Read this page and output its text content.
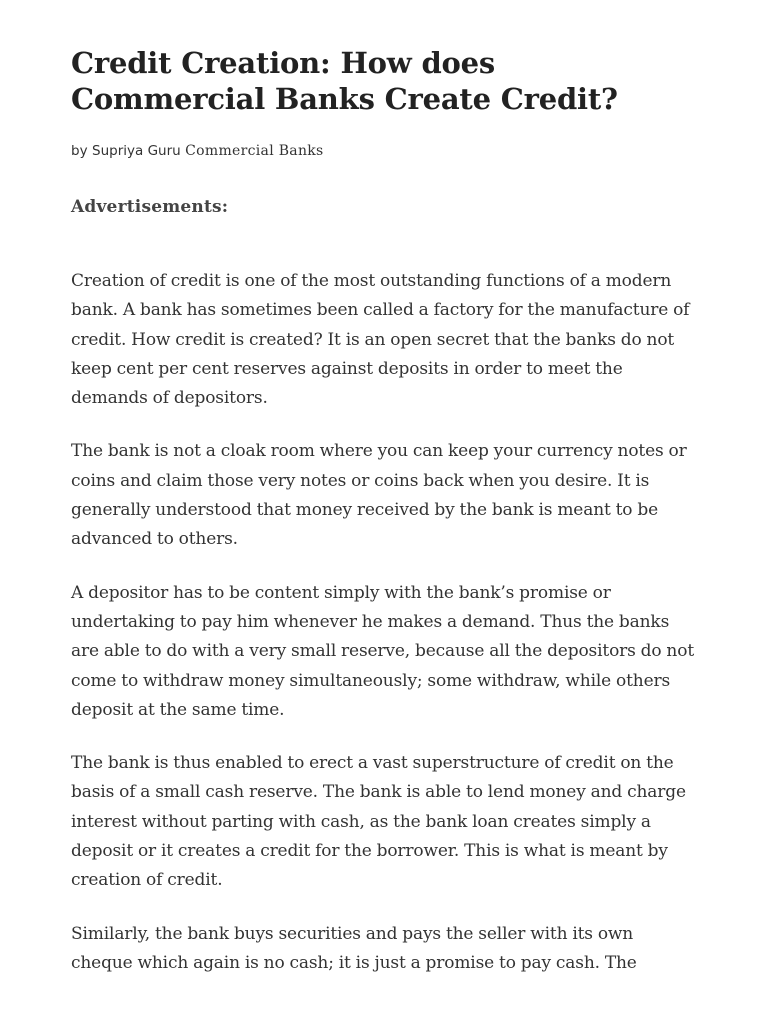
Credit Creation: How does Commercial Banks Create Credit?
by Supriya Guru Commercial Banks
Advertisements:

Creation of credit is one of the most outstanding functions of a modern bank. A bank has sometimes been called a factory for the manufacture of credit. How credit is created? It is an open secret that the banks do not keep cent per cent reserves against deposits in order to meet the demands of depositors.

The bank is not a cloak room where you can keep your currency notes or coins and claim those very notes or coins back when you desire. It is generally understood that money received by the bank is meant to be advanced to others.

A depositor has to be content simply with the bank’s promise or undertaking to pay him whenever he makes a demand. Thus the banks are able to do with a very small reserve, because all the depositors do not come to withdraw money simultaneously; some withdraw, while others deposit at the same time.

The bank is thus enabled to erect a vast superstructure of credit on the basis of a small cash reserve. The bank is able to lend money and charge interest without parting with cash, as the bank loan creates simply a deposit or it creates a credit for the borrower. This is what is meant by creation of credit.

Similarly, the bank buys securities and pays the seller with its own cheque which again is no cash; it is just a promise to pay cash. The
